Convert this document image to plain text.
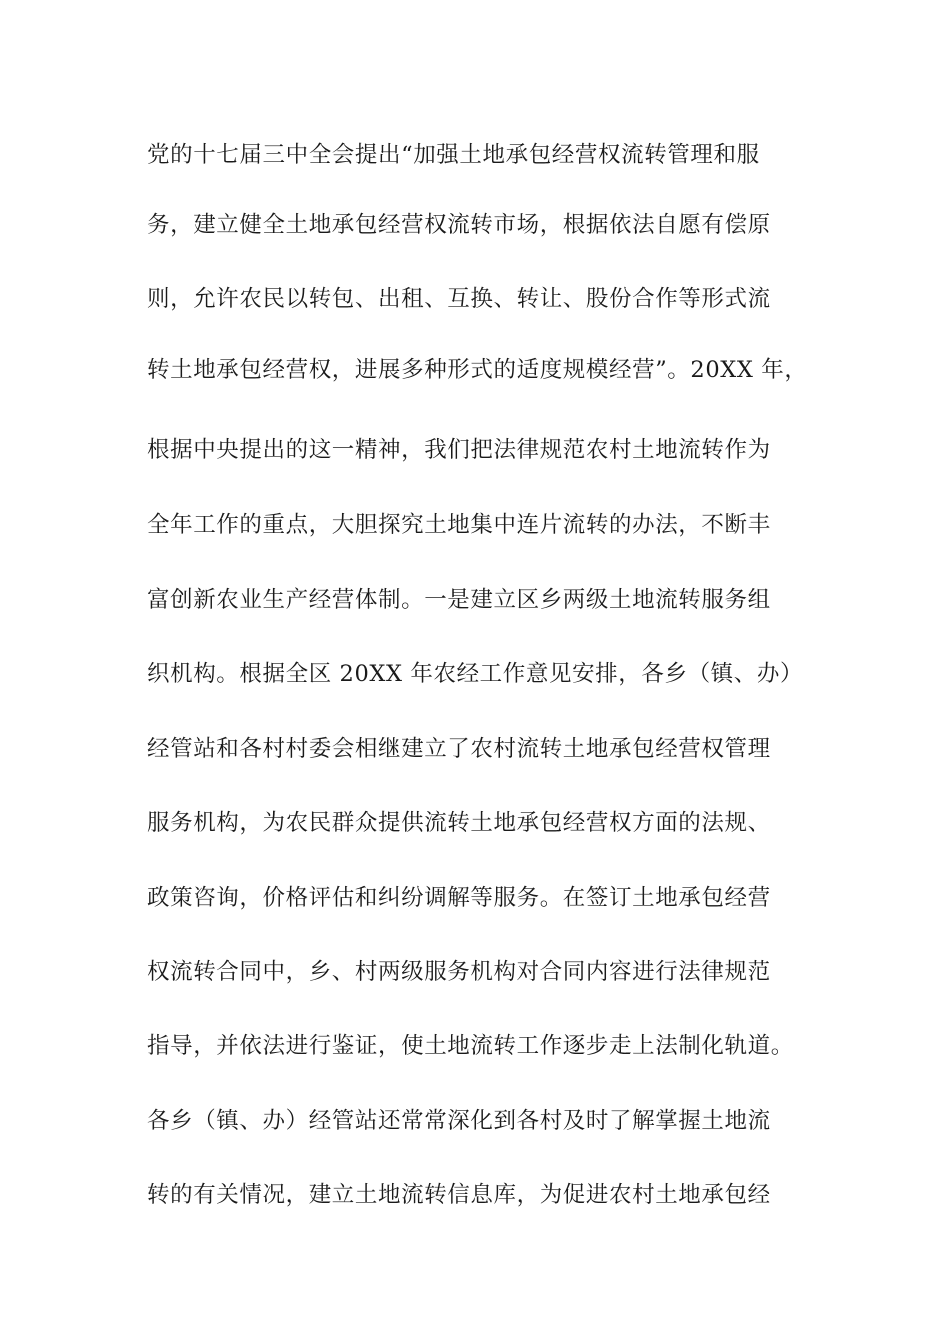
党的十七届三中全会提出“加强土地承包经营权流转管理和服
务，建立健全土地承包经营权流转市场，根据依法自愿有偿原
则，允许农民以转包、出租、互换、转让、股份合作等形式流
转土地承包经营权，进展多种形式的适度规模经营”。20XX 年，
根据中央提出的这一精神，我们把法律规范农村土地流转作为
全年工作的重点，大胆探究土地集中连片流转的办法，不断丰
富创新农业生产经营体制。一是建立区乡两级土地流转服务组
织机构。根据全区 20XX 年农经工作意见安排，各乡（镇、办）
经管站和各村村委会相继建立了农村流转土地承包经营权管理
服务机构，为农民群众提供流转土地承包经营权方面的法规、
政策咨询，价格评估和纠纷调解等服务。在签订土地承包经营
权流转合同中，乡、村两级服务机构对合同内容进行法律规范
指导，并依法进行鉴证，使土地流转工作逐步走上法制化轨道。
各乡（镇、办）经管站还常常深化到各村及时了解掌握土地流
转的有关情况，建立土地流转信息库，为促进农村土地承包经
